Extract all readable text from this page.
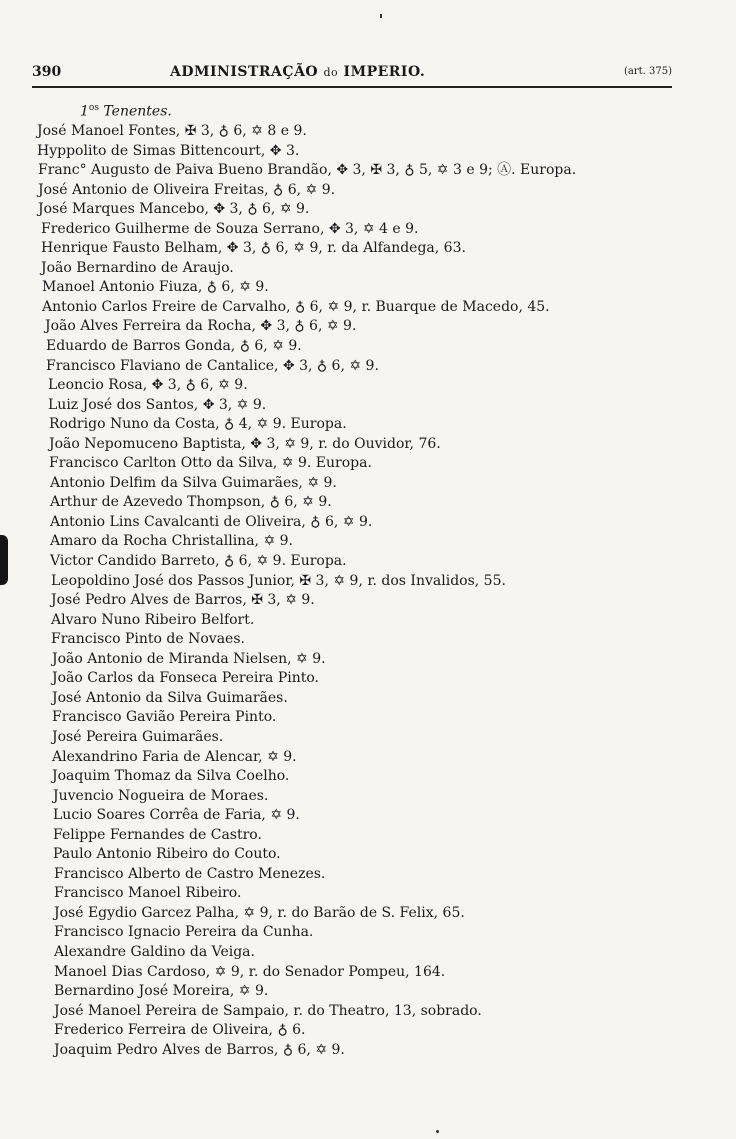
390	ADMINISTRAÇÃO do IMPERIO.	(art. 375)
$1^{os}$ Tenentes.
José Manoel Fontes, ✠ 3, ♁ 6, ✡ 8 e 9.
Hyppolito de Simas Bittencourt, ✥ 3.
Franc° Augusto de Paiva Bueno Brandão, ✥ 3, ✠ 3, ♁ 5, ✡ 3 e 9; Ⓐ. Europa.
José Antonio de Oliveira Freitas, ♁ 6, ✡ 9.
José Marques Mancebo, ✥ 3, ♁ 6, ✡ 9.
Frederico Guilherme de Souza Serrano, ✥ 3, ✡ 4 e 9.
Henrique Fausto Belham, ✥ 3, ♁ 6, ✡ 9, r. da Alfandega, 63.
João Bernardino de Araujo.
Manoel Antonio Fiuza, ♁ 6, ✡ 9.
Antonio Carlos Freire de Carvalho, ♁ 6, ✡ 9, r. Buarque de Macedo, 45.
João Alves Ferreira da Rocha, ✥ 3, ♁ 6, ✡ 9.
Eduardo de Barros Gonda, ♁ 6, ✡ 9.
Francisco Flaviano de Cantalice, ✥ 3, ♁ 6, ✡ 9.
Leoncio Rosa, ✥ 3, ♁ 6, ✡ 9.
Luiz José dos Santos, ✥ 3, ✡ 9.
Rodrigo Nuno da Costa, ♁ 4, ✡ 9. Europa.
João Nepomuceno Baptista, ✥ 3, ✡ 9, r. do Ouvidor, 76.
Francisco Carlton Otto da Silva, ✡ 9. Europa.
Antonio Delfim da Silva Guimarães, ✡ 9.
Arthur de Azevedo Thompson, ♁ 6, ✡ 9.
Antonio Lins Cavalcanti de Oliveira, ♁ 6, ✡ 9.
Amaro da Rocha Christallina, ✡ 9.
Victor Candido Barreto, ♁ 6, ✡ 9. Europa.
Leopoldino José dos Passos Junior, ✠ 3, ✡ 9, r. dos Invalidos, 55.
José Pedro Alves de Barros, ✠ 3, ✡ 9.
Alvaro Nuno Ribeiro Belfort.
Francisco Pinto de Novaes.
João Antonio de Miranda Nielsen, ✡ 9.
João Carlos da Fonseca Pereira Pinto.
José Antonio da Silva Guimarães.
Francisco Gavião Pereira Pinto.
José Pereira Guimarães.
Alexandrino Faria de Alencar, ✡ 9.
Joaquim Thomaz da Silva Coelho.
Juvencio Nogueira de Moraes.
Lucio Soares Corrêa de Faria, ✡ 9.
Felippe Fernandes de Castro.
Paulo Antonio Ribeiro do Couto.
Francisco Alberto de Castro Menezes.
Francisco Manoel Ribeiro.
José Egydio Garcez Palha, ✡ 9, r. do Barão de S. Felix, 65.
Francisco Ignacio Pereira da Cunha.
Alexandre Galdino da Veiga.
Manoel Dias Cardoso, ✡ 9, r. do Senador Pompeu, 164.
Bernardino José Moreira, ✡ 9.
José Manoel Pereira de Sampaio, r. do Theatro, 13, sobrado.
Frederico Ferreira de Oliveira, ♁ 6.
Joaquim Pedro Alves de Barros, ♁ 6, ✡ 9.
